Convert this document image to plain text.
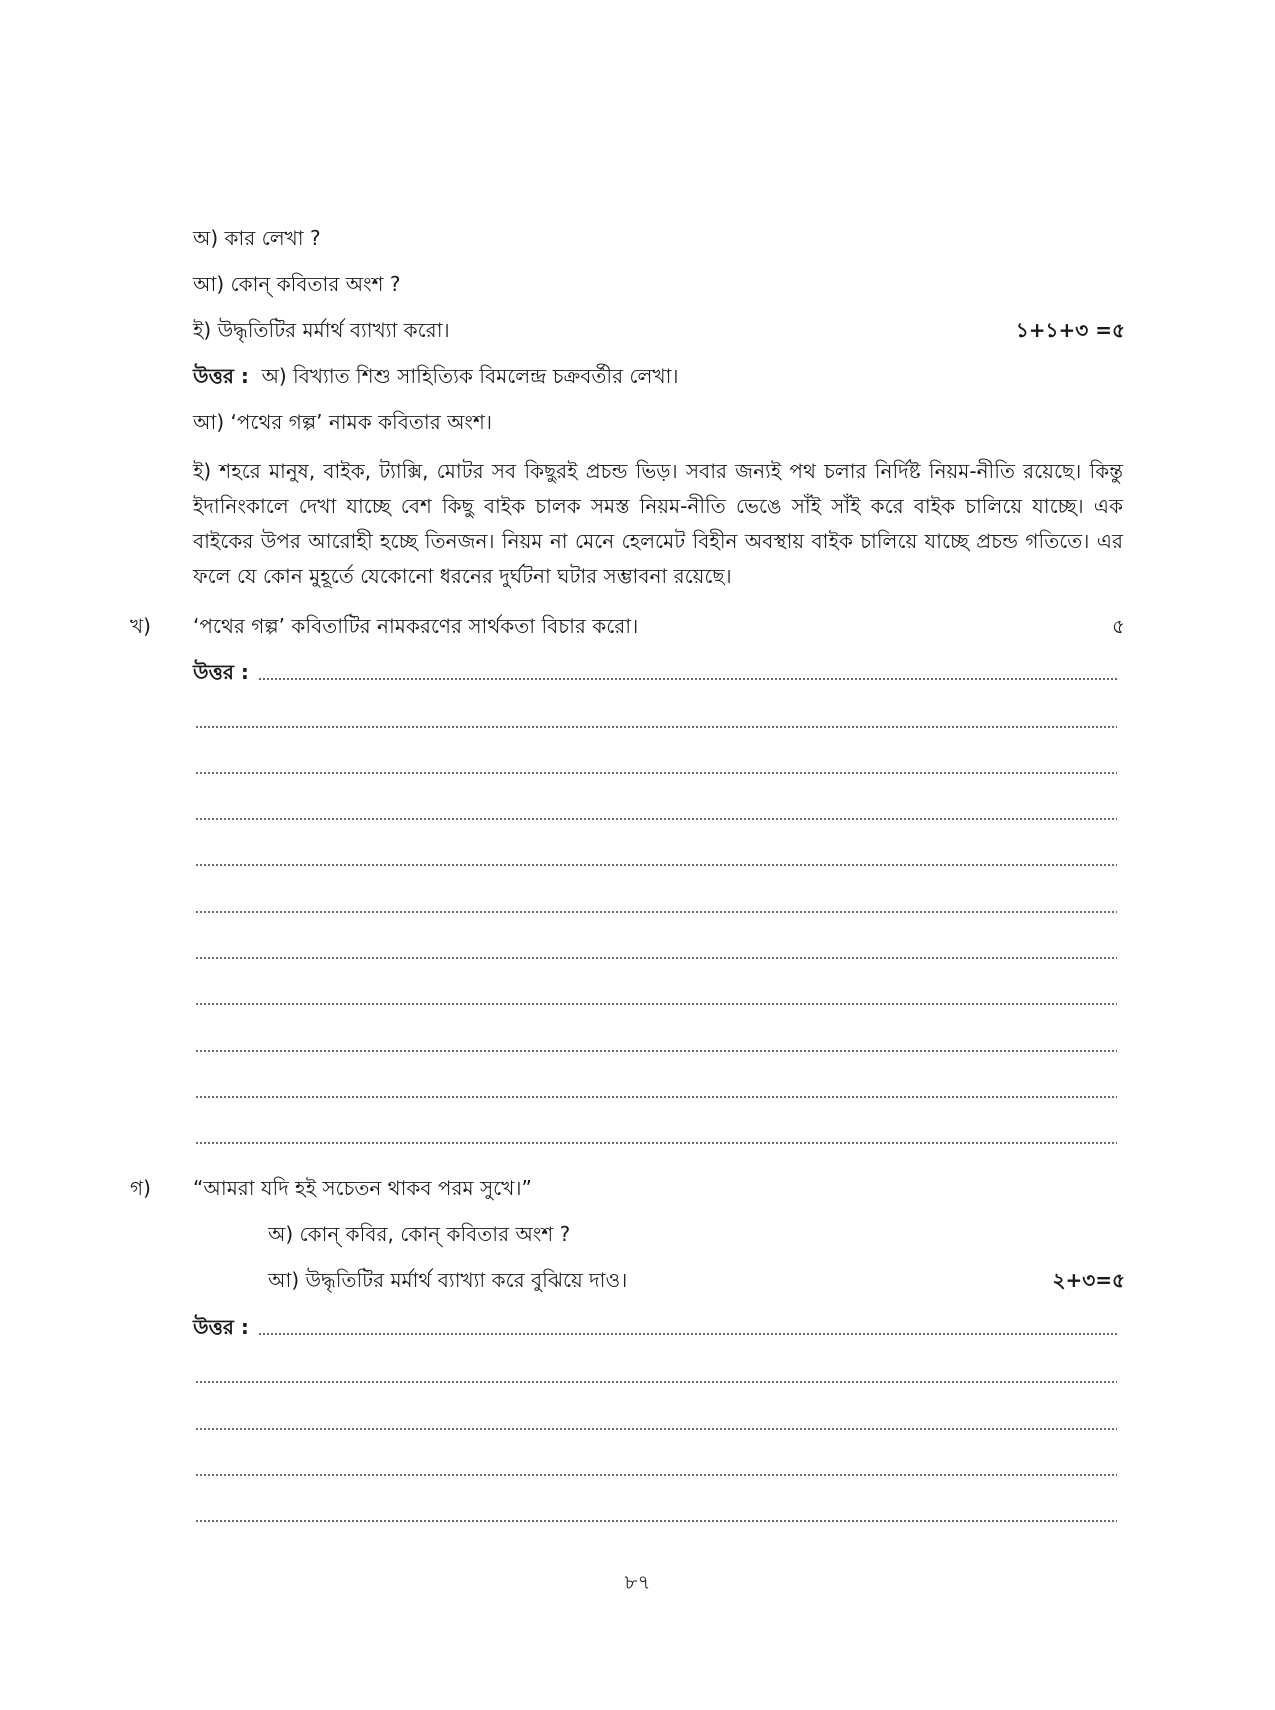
অ) কার লেখা ?
আ) কোন্ কবিতার অংশ ?
ই) উদ্ধৃতিটির মর্মার্থ ব্যাখ্যা করো।	১+১+৩ =৫
উত্তর : অ) বিখ্যাত শিশু সাহিত্যিক বিমলেন্দ্র চক্রবর্তীর লেখা।
আ) ‘পথের গল্প’ নামক কবিতার অংশ।
ই) শহরে মানুষ, বাইক, ট্যাক্সি, মোটর সব কিছুরই প্রচন্ড ভিড়। সবার জন্যই পথ চলার নির্দিষ্ট নিয়ম-নীতি রয়েছে। কিন্তু ইদানিংকালে দেখা যাচ্ছে বেশ কিছু বাইক চালক সমস্ত নিয়ম-নীতি ভেঙে সাঁই সাঁই করে বাইক চালিয়ে যাচ্ছে। এক বাইকের উপর আরোহী হচ্ছে তিনজন। নিয়ম না মেনে হেলমেট বিহীন অবস্থায় বাইক চালিয়ে যাচ্ছে প্রচন্ড গতিতে। এর ফলে যে কোন মুহূর্তে যেকোনো ধরনের দুর্ঘটনা ঘটার সম্ভাবনা রয়েছে।
খ) ‘পথের গল্প’ কবিতাটির নামকরণের সার্থকতা বিচার করো।	৫
উত্তর :
গ) “আমরা যদি হই সচেতন থাকব পরম সুখে।”
অ) কোন্ কবির, কোন্ কবিতার অংশ ?
আ) উদ্ধৃতিটির মর্মার্থ ব্যাখ্যা করে বুঝিয়ে দাও।	২+৩=৫
উত্তর :
৮৭
